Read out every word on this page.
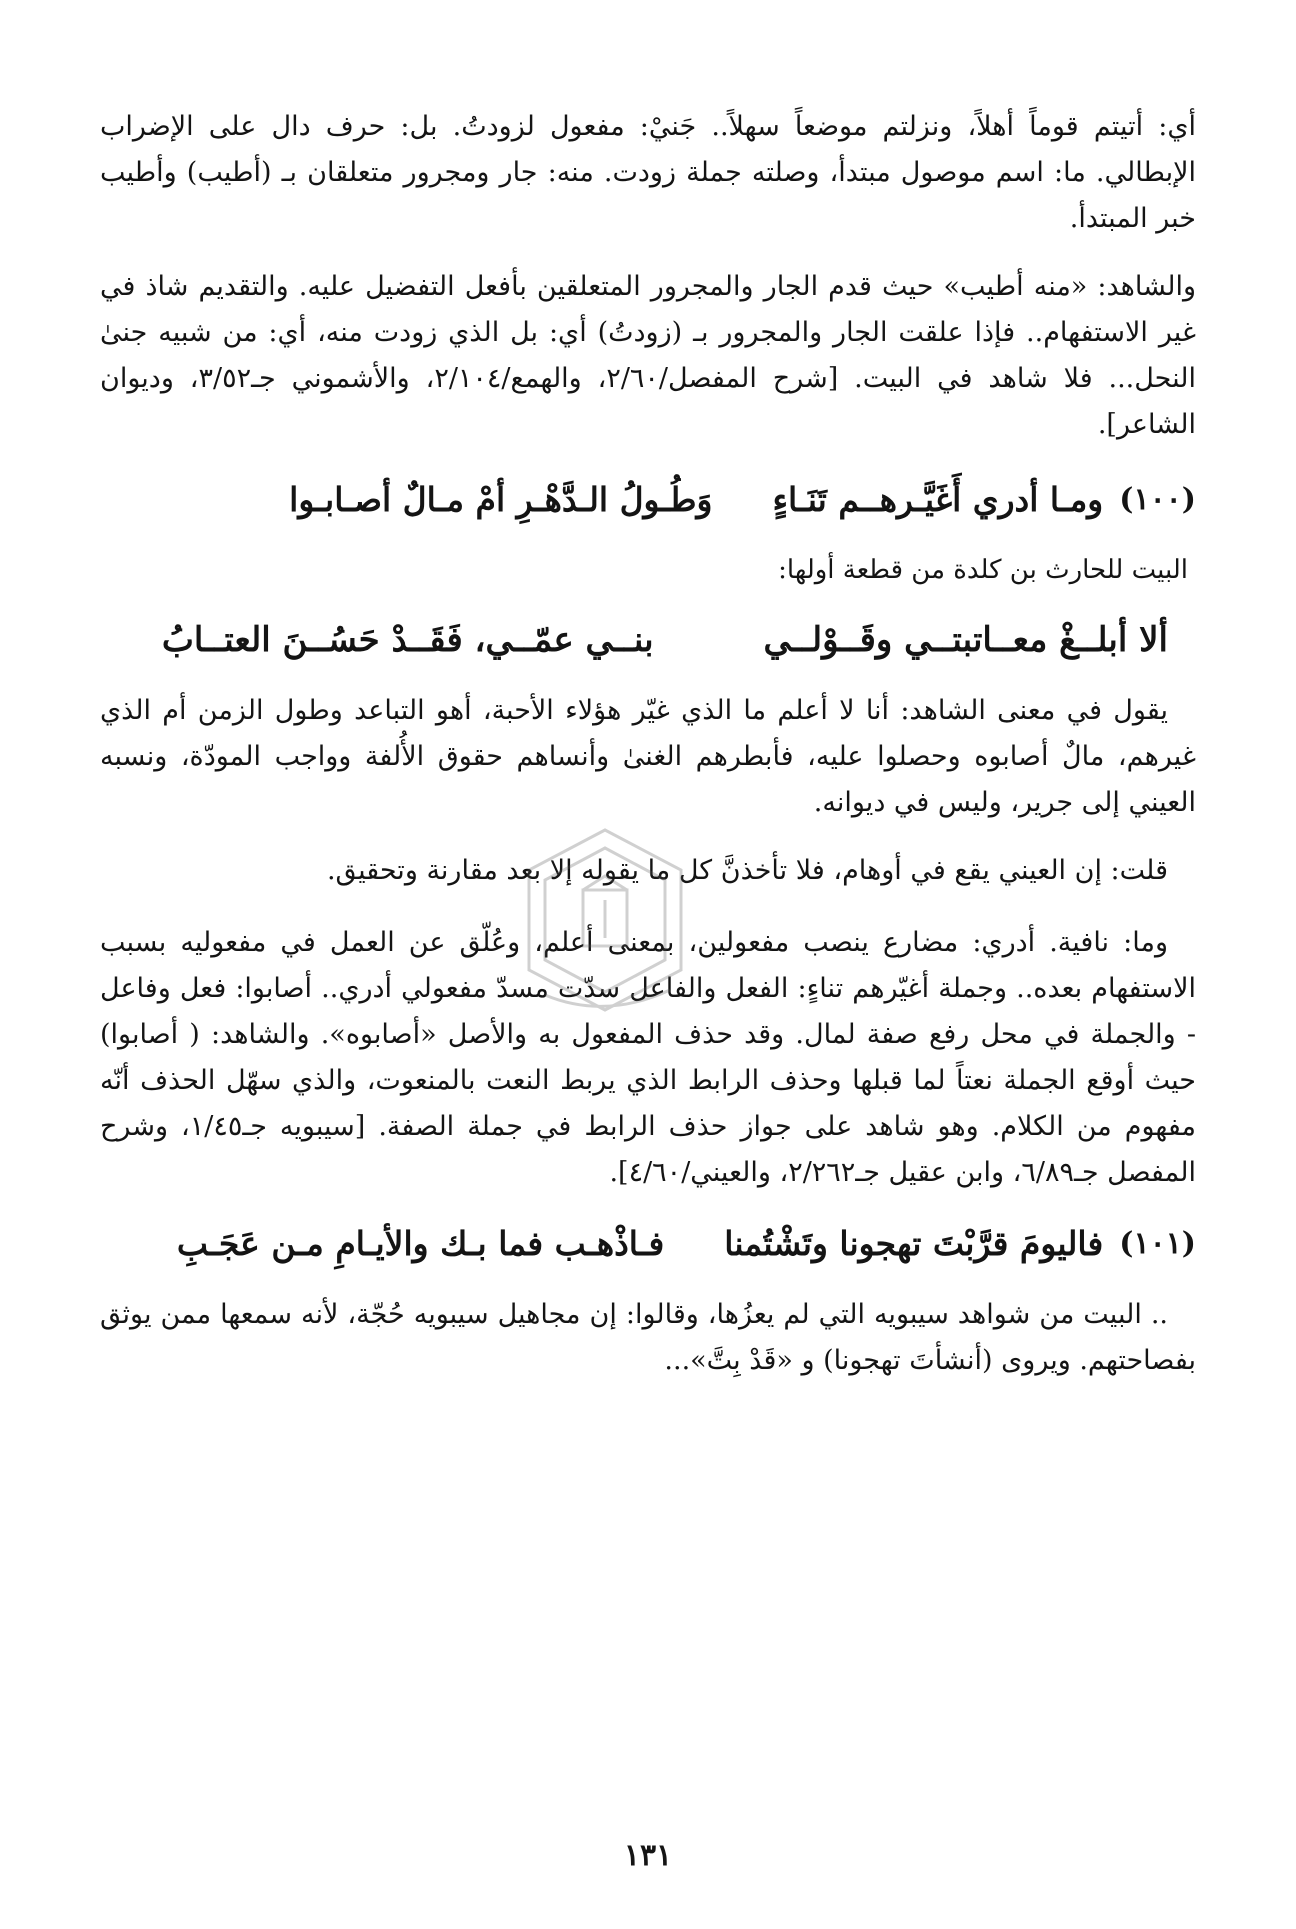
أي: أتيتم قوماً أهلاً، ونزلتم موضعاً سهلاً.. جَنيْ: مفعول لزودتُ. بل: حرف دال على الإضراب الإبطالي. ما: اسم موصول مبتدأ، وصلته جملة زودت. منه: جار ومجرور متعلقان بـ (أطيب) وأطيب خبر المبتدأ.

والشاهد: «منه أطيب» حيث قدم الجار والمجرور المتعلقين بأفعل التفضيل عليه. والتقديم شاذ في غير الاستفهام.. فإذا علقت الجار والمجرور بـ (زودتُ) أي: بل الذي زودت منه، أي: من شبيه جنىٰ النحل... فلا شاهد في البيت. [شرح المفصل/٢/٦٠، والهمع/٢/١٠٤، والأشموني جـ٣/٥٢، وديوان الشاعر].

(١٠٠)
ومـا أدري أَغَيَّـرهــم تَنَـاءٍ
وَطُـولُ الـدَّهْـرِ أمْ مـالٌ أصـابـوا

البيت للحارث بن كلدة من قطعة أولها:

ألا أبلــغْ معــاتبتــي وقَــوْلــي
بنــي عمّــي، فَقَــدْ حَسُــنَ العتــابُ

يقول في معنى الشاهد: أنا لا أعلم ما الذي غيّر هؤلاء الأحبة، أهو التباعد وطول الزمن أم الذي غيرهم، مالٌ أصابوه وحصلوا عليه، فأبطرهم الغنىٰ وأنساهم حقوق الأُلفة وواجب المودّة، ونسبه العيني إلى جرير، وليس في ديوانه.

قلت: إن العيني يقع في أوهام، فلا تأخذنَّ كل ما يقوله إلا بعد مقارنة وتحقيق.

وما: نافية. أدري: مضارع ينصب مفعولين، بمعنى أعلم، وعُلّق عن العمل في مفعوليه بسبب الاستفهام بعده.. وجملة أغيّرهم تناءٍ: الفعل والفاعل سدّت مسدّ مفعولي أدري.. أصابوا: فعل وفاعل - والجملة في محل رفع صفة لمال. وقد حذف المفعول به والأصل «أصابوه». والشاهد: ( أصابوا) حيث أوقع الجملة نعتاً لما قبلها وحذف الرابط الذي يربط النعت بالمنعوت، والذي سهّل الحذف أنّه مفهوم من الكلام. وهو شاهد على جواز حذف الرابط في جملة الصفة. [سيبويه جـ١/٤٥، وشرح المفصل جـ٦/٨٩، وابن عقيل جـ٢/٢٦٢، والعيني/٤/٦٠].

(١٠١)
فاليومَ قرَّبْتَ تهجونا وتَشْتُمنا
فـاذْهـب فما بـك والأيـامِ مـن عَجَـبِ

.. البيت من شواهد سيبويه التي لم يعزُها، وقالوا: إن مجاهيل سيبويه حُجّة، لأنه سمعها ممن يوثق بفصاحتهم. ويروى (أنشأتَ تهجونا) و «قَدْ بِتَّ»...

١٣١
